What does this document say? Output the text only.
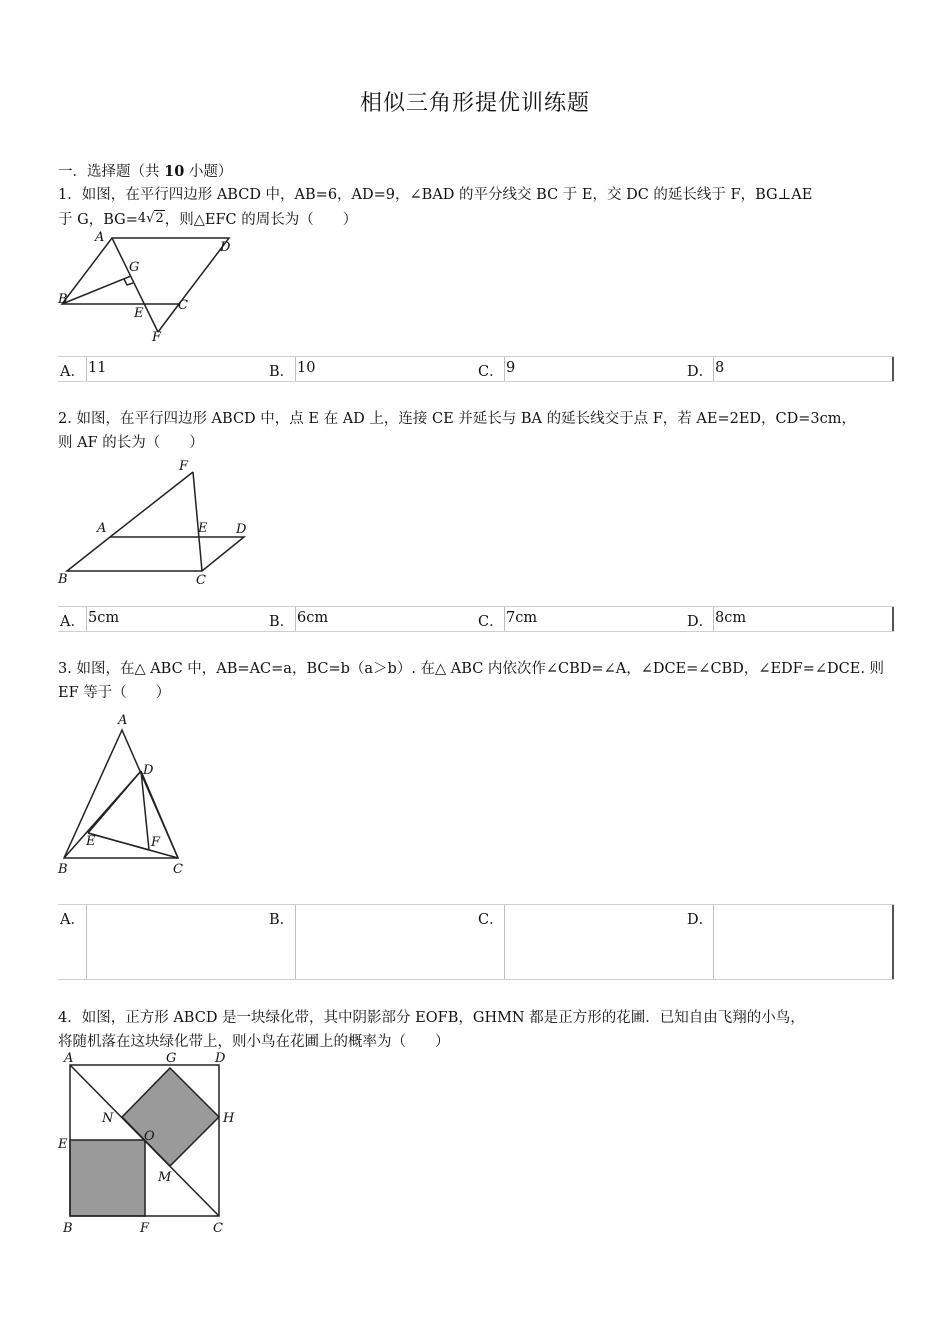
相似三角形提优训练题
一．选择题（共 10 小题）
1．如图，在平行四边形 ABCD 中，AB=6，AD=9，∠BAD 的平分线交 BC 于 E，交 DC 的延长线于 F，BG⊥AE
于 G，BG=4√2，则△EFC 的周长为（　　）
A
D
G
B
E
C
F
A． 11	B． 10	C． 9	D． 8
2. 如图，在平行四边形 ABCD 中，点 E 在 AD 上，连接 CE 并延长与 BA 的延长线交于点 F，若 AE=2ED，CD=3cm，
则 AF 的长为（　　）
F
A	E D
B	C
A． 5cm	B． 6cm	C． 7cm	D． 8cm
3. 如图，在△ ABC 中，AB=AC=a，BC=b（a＞b）. 在△ ABC 内依次作∠CBD=∠A，∠DCE=∠CBD，∠EDF=∠DCE. 则
EF 等于（　　）
A
D
E	F
B	C
A．	B．	C．	D．
4．如图，正方形 ABCD 是一块绿化带，其中阴影部分 EOFB，GHMN 都是正方形的花圃．已知自由飞翔的小鸟，
将随机落在这块绿化带上，则小鸟在花圃上的概率为（　　）
A	G	D
N	H
E
O
M
B	F	C
